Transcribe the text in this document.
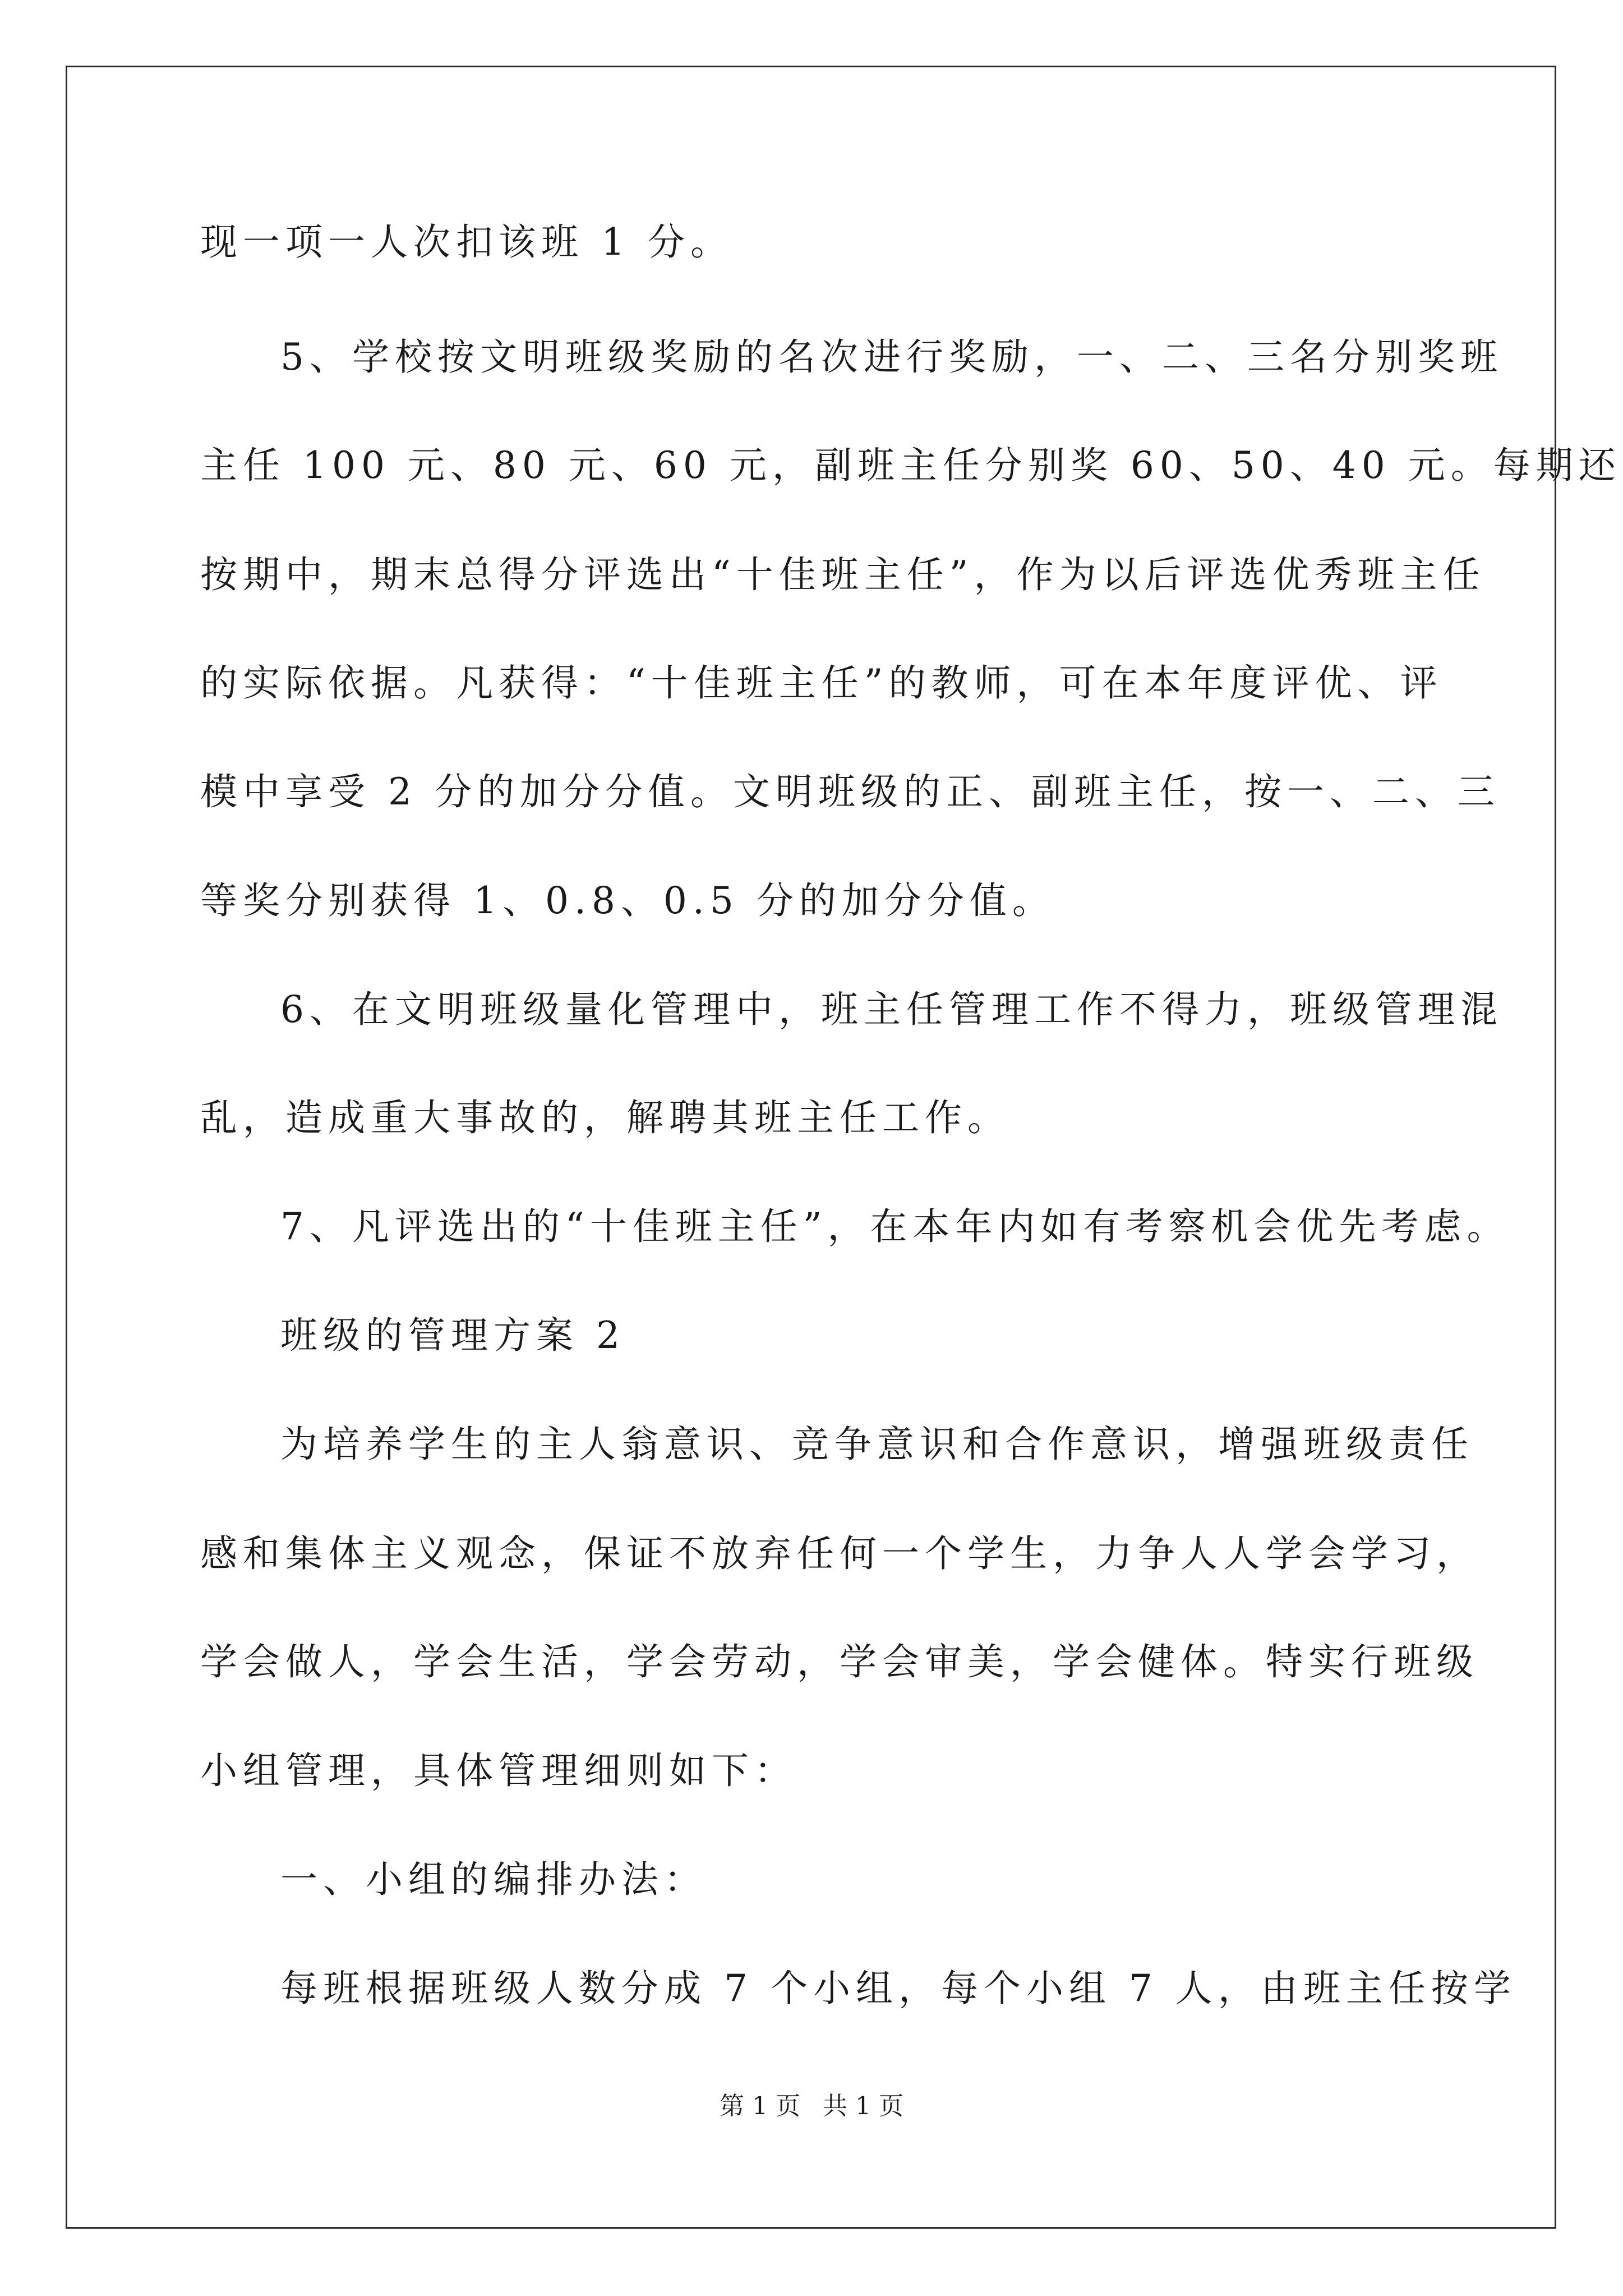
现一项一人次扣该班 1 分。
5、学校按文明班级奖励的名次进行奖励，一、二、三名分别奖班
主任 100 元、80 元、60 元，副班主任分别奖 60、50、40 元。每期还
按期中，期末总得分评选出“十佳班主任”，作为以后评选优秀班主任
的实际依据。凡获得：“十佳班主任”的教师，可在本年度评优、评
模中享受 2 分的加分分值。文明班级的正、副班主任，按一、二、三
等奖分别获得 1、0.8、0.5 分的加分分值。
6、在文明班级量化管理中，班主任管理工作不得力，班级管理混
乱，造成重大事故的，解聘其班主任工作。
7、凡评选出的“十佳班主任”，在本年内如有考察机会优先考虑。
班级的管理方案 2
为培养学生的主人翁意识、竞争意识和合作意识，增强班级责任
感和集体主义观念，保证不放弃任何一个学生，力争人人学会学习，
学会做人，学会生活，学会劳动，学会审美，学会健体。特实行班级
小组管理，具体管理细则如下：
一、小组的编排办法：
每班根据班级人数分成 7 个小组，每个小组 7 人，由班主任按学
第 1 页 共 1 页
